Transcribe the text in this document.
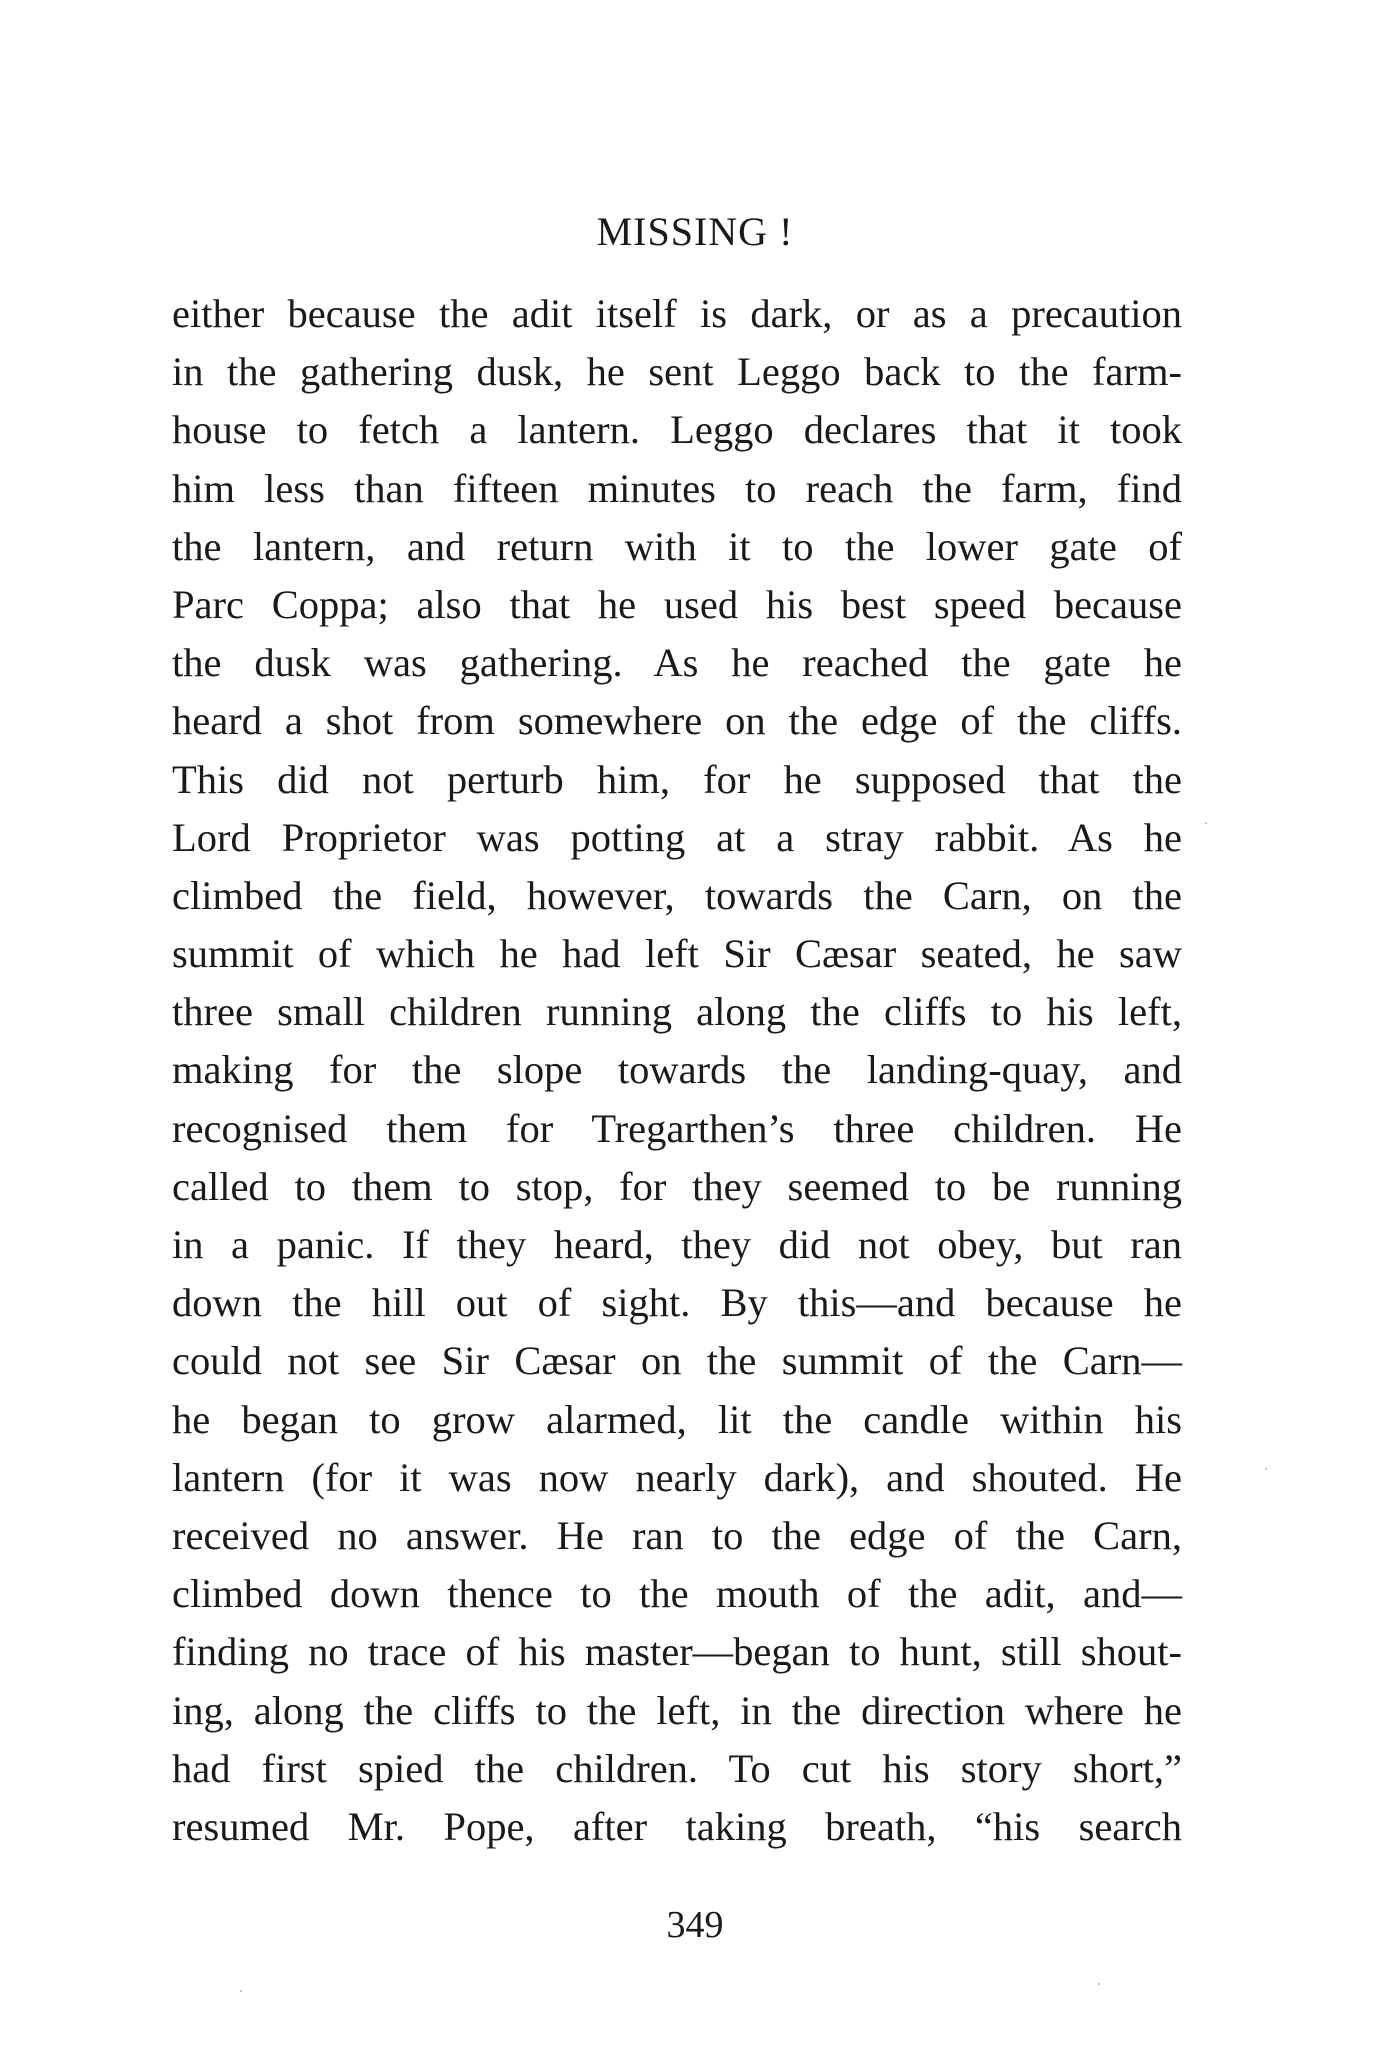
MISSING !
either because the adit itself is dark, or as a precaution
in the gathering dusk, he sent Leggo back to the farm-
house to fetch a lantern. Leggo declares that it took
him less than fifteen minutes to reach the farm, find
the lantern, and return with it to the lower gate of
Parc Coppa; also that he used his best speed because
the dusk was gathering. As he reached the gate he
heard a shot from somewhere on the edge of the cliffs.
This did not perturb him, for he supposed that the
Lord Proprietor was potting at a stray rabbit. As he
climbed the field, however, towards the Carn, on the
summit of which he had left Sir Cæsar seated, he saw
three small children running along the cliffs to his left,
making for the slope towards the landing-quay, and
recognised them for Tregarthen’s three children. He
called to them to stop, for they seemed to be running
in a panic. If they heard, they did not obey, but ran
down the hill out of sight. By this—and because he
could not see Sir Cæsar on the summit of the Carn—
he began to grow alarmed, lit the candle within his
lantern (for it was now nearly dark), and shouted. He
received no answer. He ran to the edge of the Carn,
climbed down thence to the mouth of the adit, and—
finding no trace of his master—began to hunt, still shout-
ing, along the cliffs to the left, in the direction where he
had first spied the children. To cut his story short,”
resumed Mr. Pope, after taking breath, “his search
349
